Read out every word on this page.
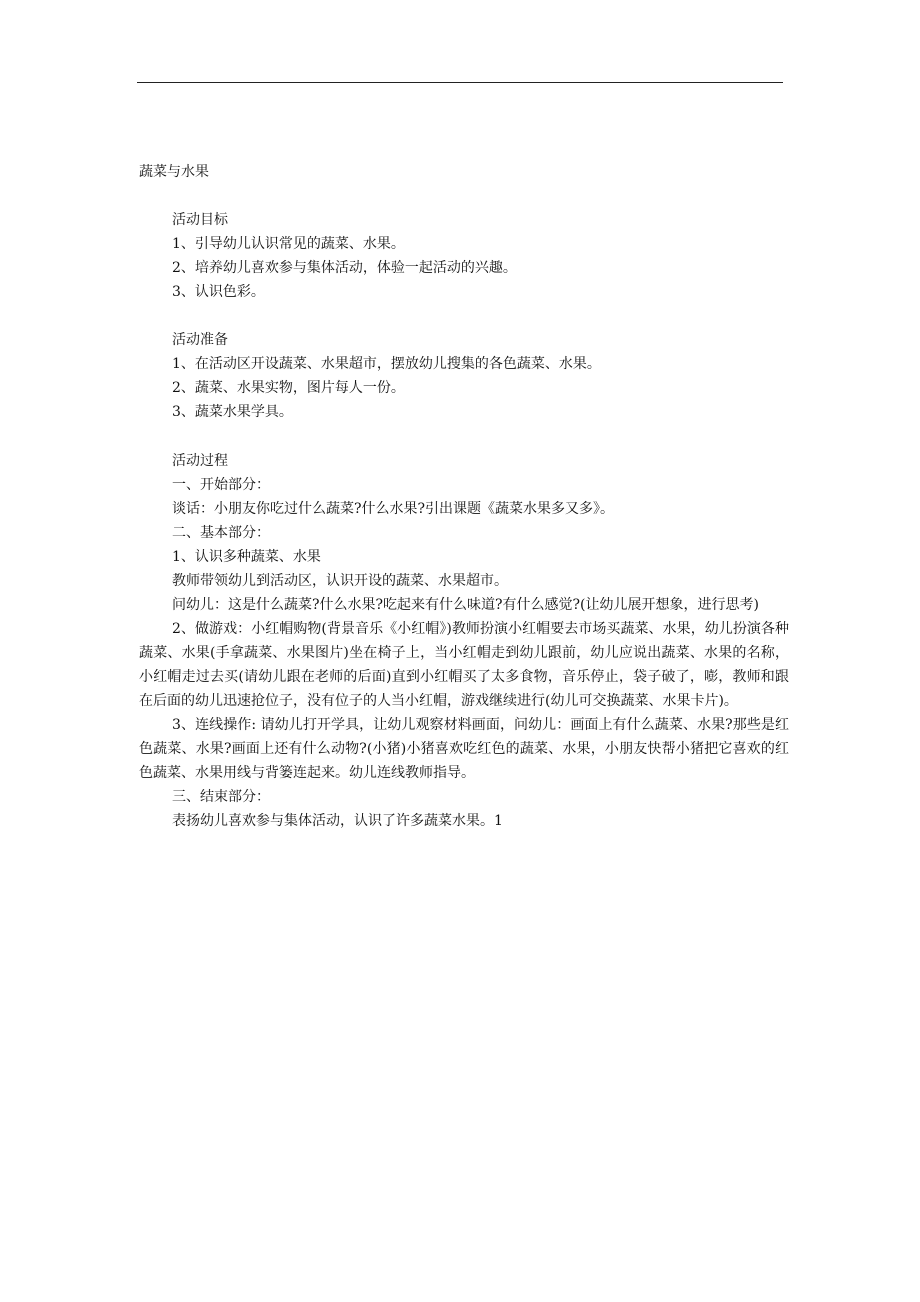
蔬菜与水果
活动目标
1、引导幼儿认识常见的蔬菜、水果。
2、培养幼儿喜欢参与集体活动，体验一起活动的兴趣。
3、认识色彩。
活动准备
1、在活动区开设蔬菜、水果超市，摆放幼儿搜集的各色蔬菜、水果。
2、蔬菜、水果实物，图片每人一份。
3、蔬菜水果学具。
活动过程
一、开始部分：
谈话：小朋友你吃过什么蔬菜?什么水果?引出课题《蔬菜水果多又多》。
二、基本部分：
1、认识多种蔬菜、水果
教师带领幼儿到活动区，认识开设的蔬菜、水果超市。

问幼儿：这是什么蔬菜?什么水果?吃起来有什么味道?有什么感觉?(让幼儿展开想象，进行思考)

2、做游戏：小红帽购物(背景音乐《小红帽》)教师扮演小红帽要去市场买蔬菜、水果，幼儿扮演各种蔬菜、水果(手拿蔬菜、水果图片)坐在椅子上，当小红帽走到幼儿跟前，幼儿应说出蔬菜、水果的名称，小红帽走过去买(请幼儿跟在老师的后面)直到小红帽买了太多食物，音乐停止，袋子破了，嘭，教师和跟在后面的幼儿迅速抢位子，没有位子的人当小红帽，游戏继续进行(幼儿可交换蔬菜、水果卡片)。

3、连线操作: 请幼儿打开学具，让幼儿观察材料画面，问幼儿：画面上有什么蔬菜、水果?那些是红色蔬菜、水果?画面上还有什么动物?(小猪)小猪喜欢吃红色的蔬菜、水果，小朋友快帮小猪把它喜欢的红色蔬菜、水果用线与背篓连起来。幼儿连线教师指导。

三、结束部分：
表扬幼儿喜欢参与集体活动，认识了许多蔬菜水果。1
